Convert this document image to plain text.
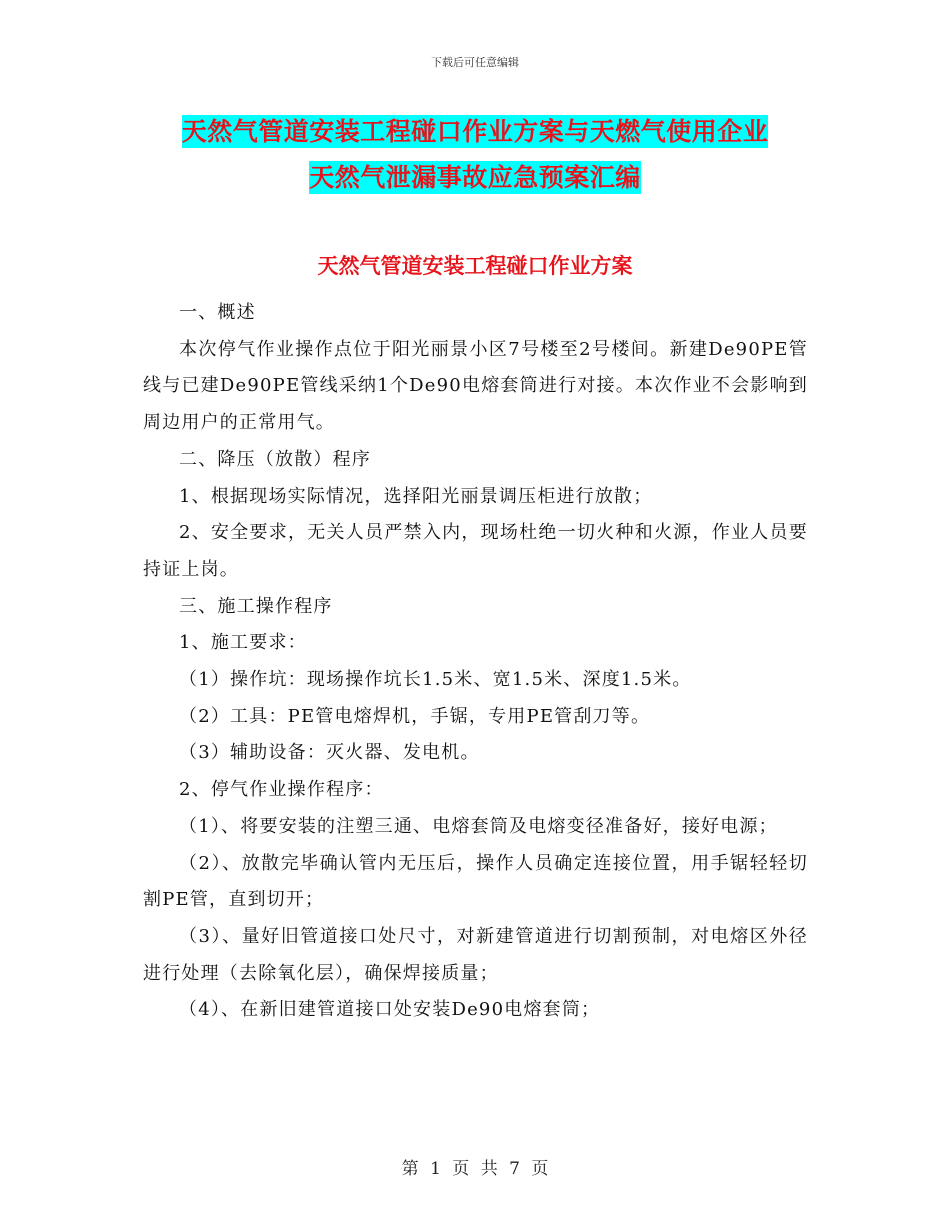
下载后可任意编辑
天然气管道安装工程碰口作业方案与天燃气使用企业
天然气泄漏事故应急预案汇编
天然气管道安装工程碰口作业方案

一、概述

本次停气作业操作点位于阳光丽景小区7号楼至2号楼间。新建De90PE管线与已建De90PE管线采纳1个De90电熔套筒进行对接。本次作业不会影响到周边用户的正常用气。

二、降压（放散）程序

1、根据现场实际情况，选择阳光丽景调压柜进行放散；

2、安全要求，无关人员严禁入内，现场杜绝一切火种和火源，作业人员要持证上岗。

三、施工操作程序

1、施工要求：

（1）操作坑：现场操作坑长1.5米、宽1.5米、深度1.5米。

（2）工具：PE管电熔焊机，手锯，专用PE管刮刀等。

（3）辅助设备：灭火器、发电机。

2、停气作业操作程序：

（1）、将要安装的注塑三通、电熔套筒及电熔变径准备好，接好电源；

（2）、放散完毕确认管内无压后，操作人员确定连接位置，用手锯轻轻切割PE管，直到切开；

（3）、量好旧管道接口处尺寸，对新建管道进行切割预制，对电熔区外径进行处理（去除氧化层），确保焊接质量；

（4）、在新旧建管道接口处安装De90电熔套筒；

第 1 页 共 7 页
